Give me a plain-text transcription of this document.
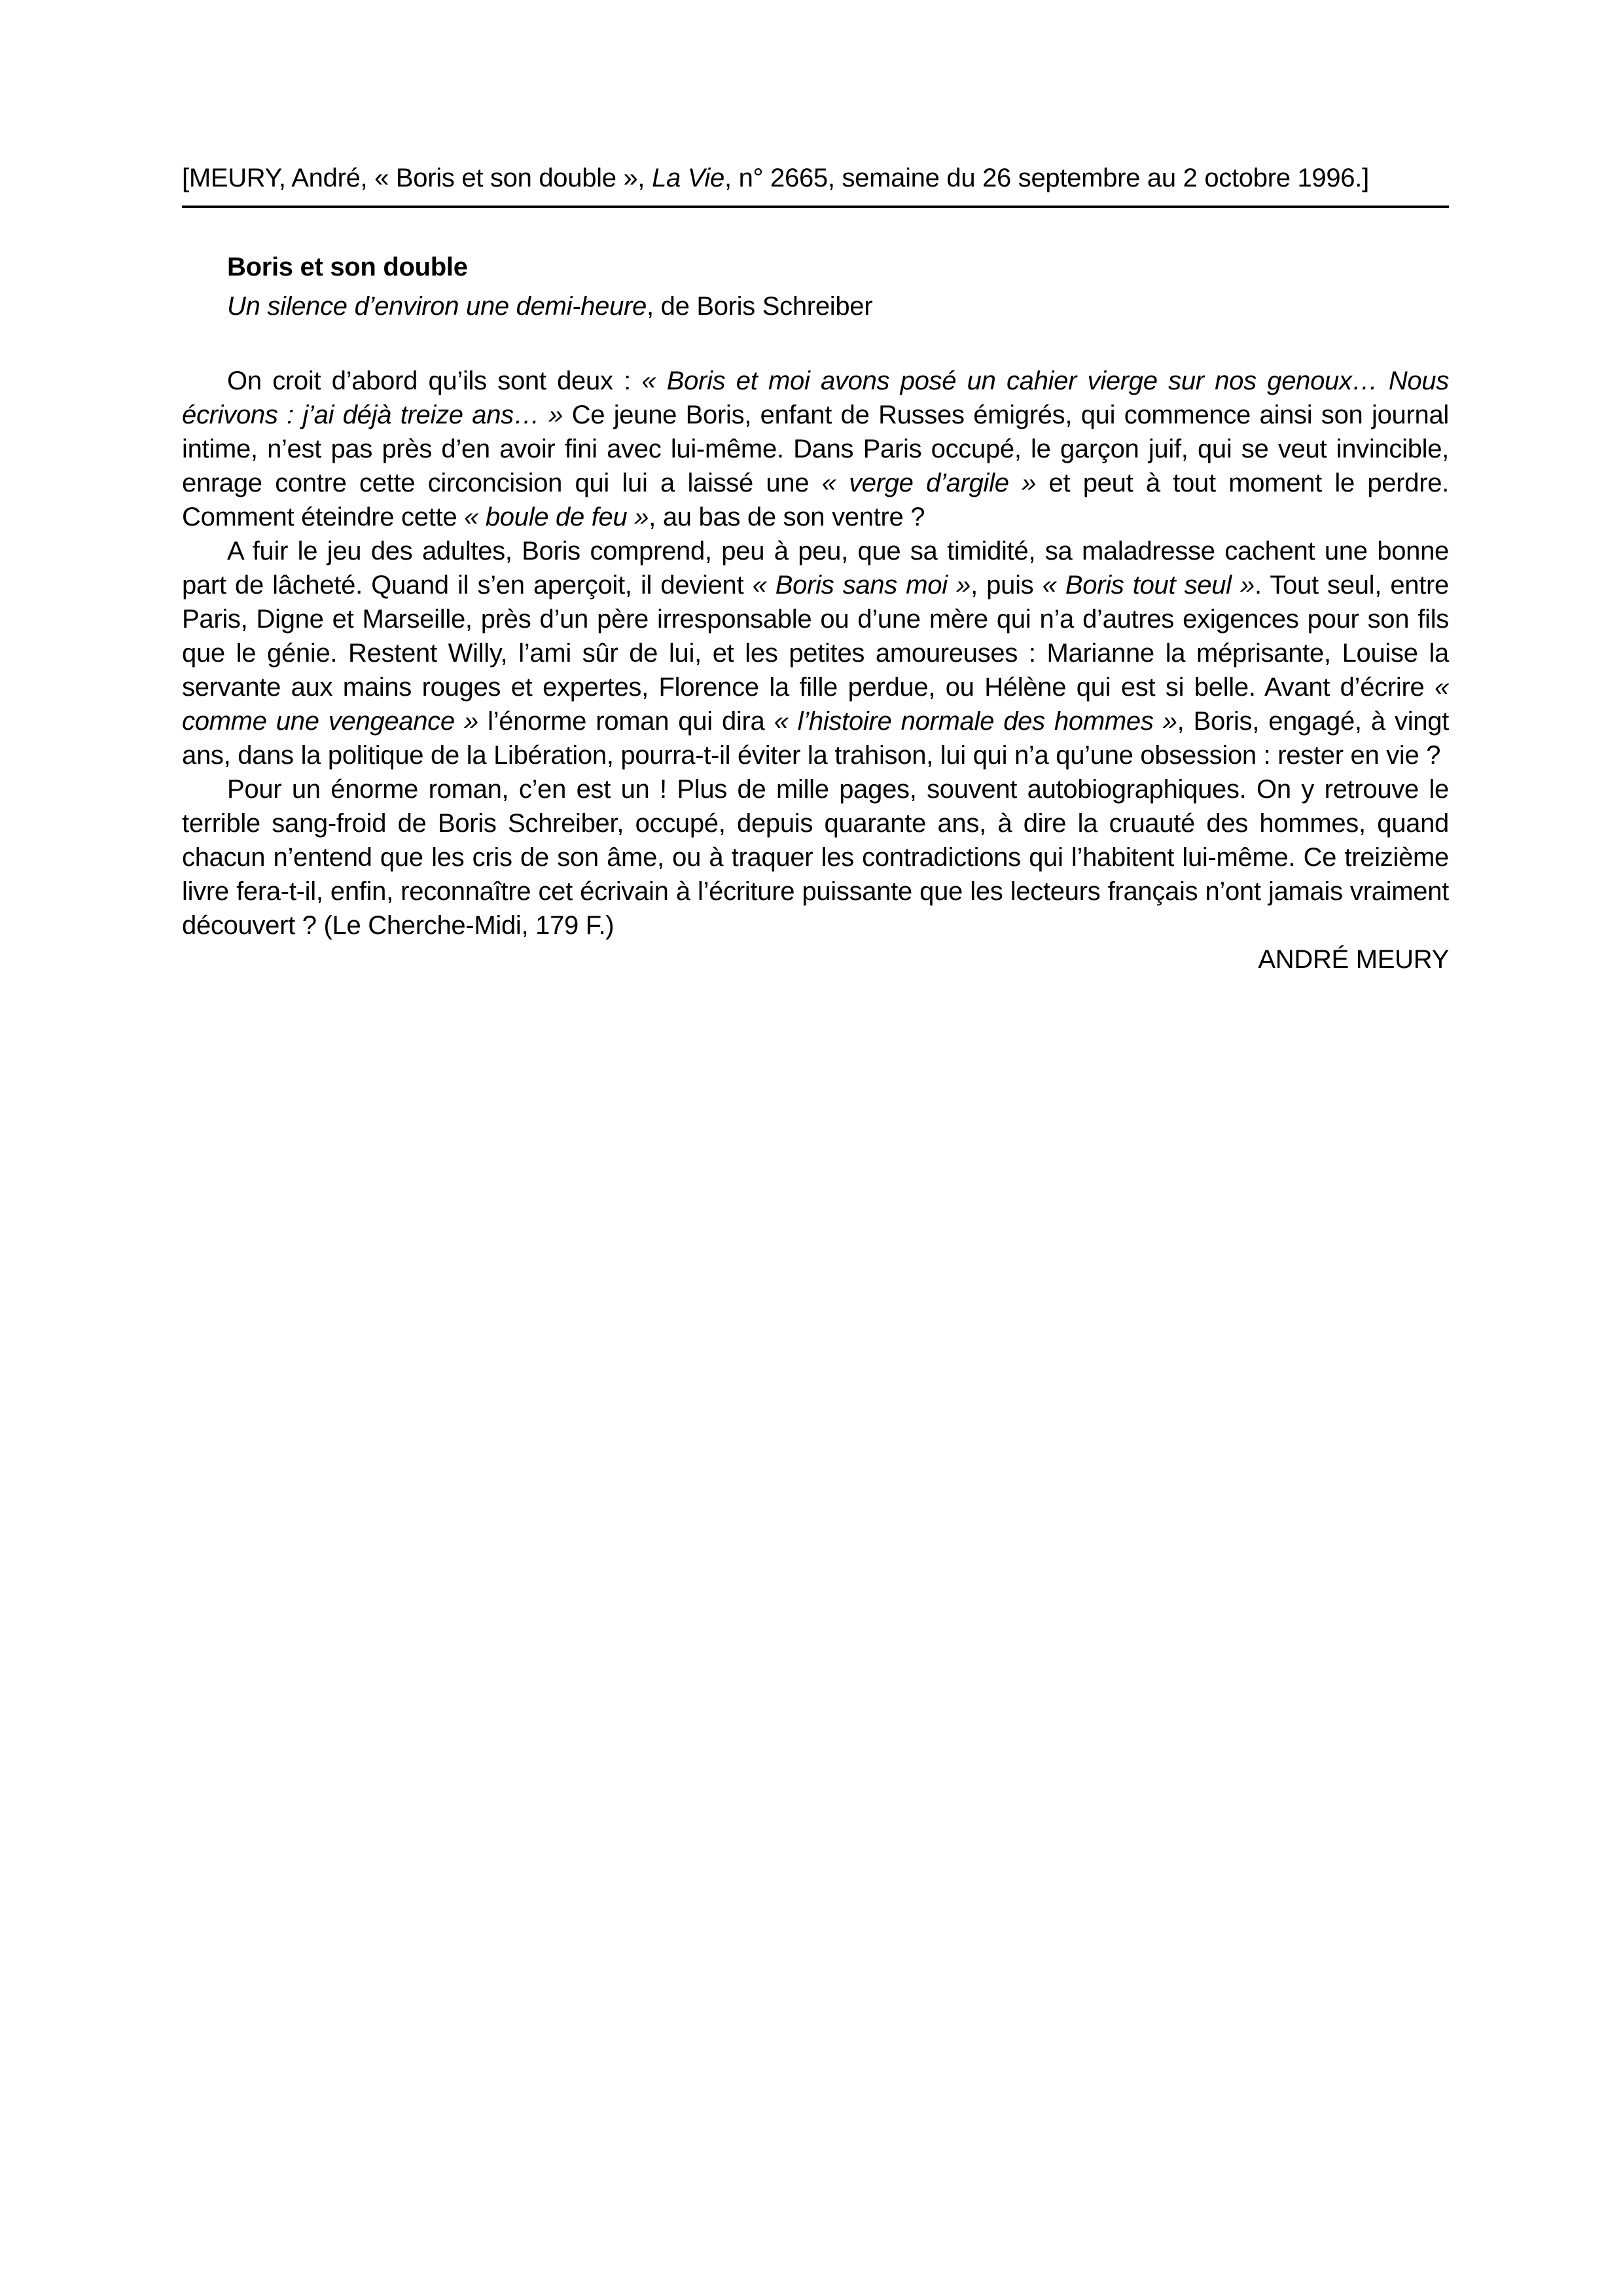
[MEURY, André, « Boris et son double », La Vie, n° 2665, semaine du 26 septembre au 2 octobre 1996.]

Boris et son double

Un silence d’environ une demi-heure, de Boris Schreiber

On croit d’abord qu’ils sont deux : « Boris et moi avons posé un cahier vierge sur nos genoux… Nous écrivons : j’ai déjà treize ans… » Ce jeune Boris, enfant de Russes émigrés, qui commence ainsi son journal intime, n’est pas près d’en avoir fini avec lui-même. Dans Paris occupé, le garçon juif, qui se veut invincible, enrage contre cette circoncision qui lui a laissé une « verge d’argile » et peut à tout moment le perdre. Comment éteindre cette « boule de feu », au bas de son ventre ?

A fuir le jeu des adultes, Boris comprend, peu à peu, que sa timidité, sa maladresse cachent une bonne part de lâcheté. Quand il s’en aperçoit, il devient « Boris sans moi », puis « Boris tout seul ». Tout seul, entre Paris, Digne et Marseille, près d’un père irresponsable ou d’une mère qui n’a d’autres exigences pour son fils que le génie. Restent Willy, l’ami sûr de lui, et les petites amoureuses : Marianne la méprisante, Louise la servante aux mains rouges et expertes, Florence la fille perdue, ou Hélène qui est si belle. Avant d’écrire « comme une vengeance » l’énorme roman qui dira « l’histoire normale des hommes », Boris, engagé, à vingt ans, dans la politique de la Libération, pourra-t-il éviter la trahison, lui qui n’a qu’une obsession : rester en vie ?

Pour un énorme roman, c’en est un ! Plus de mille pages, souvent autobiographiques. On y retrouve le terrible sang-froid de Boris Schreiber, occupé, depuis quarante ans, à dire la cruauté des hommes, quand chacun n’entend que les cris de son âme, ou à traquer les contradictions qui l’habitent lui-même. Ce treizième livre fera-t-il, enfin, reconnaître cet écrivain à l’écriture puissante que les lecteurs français n’ont jamais vraiment découvert ? (Le Cherche-Midi, 179 F.)

ANDRÉ MEURY
